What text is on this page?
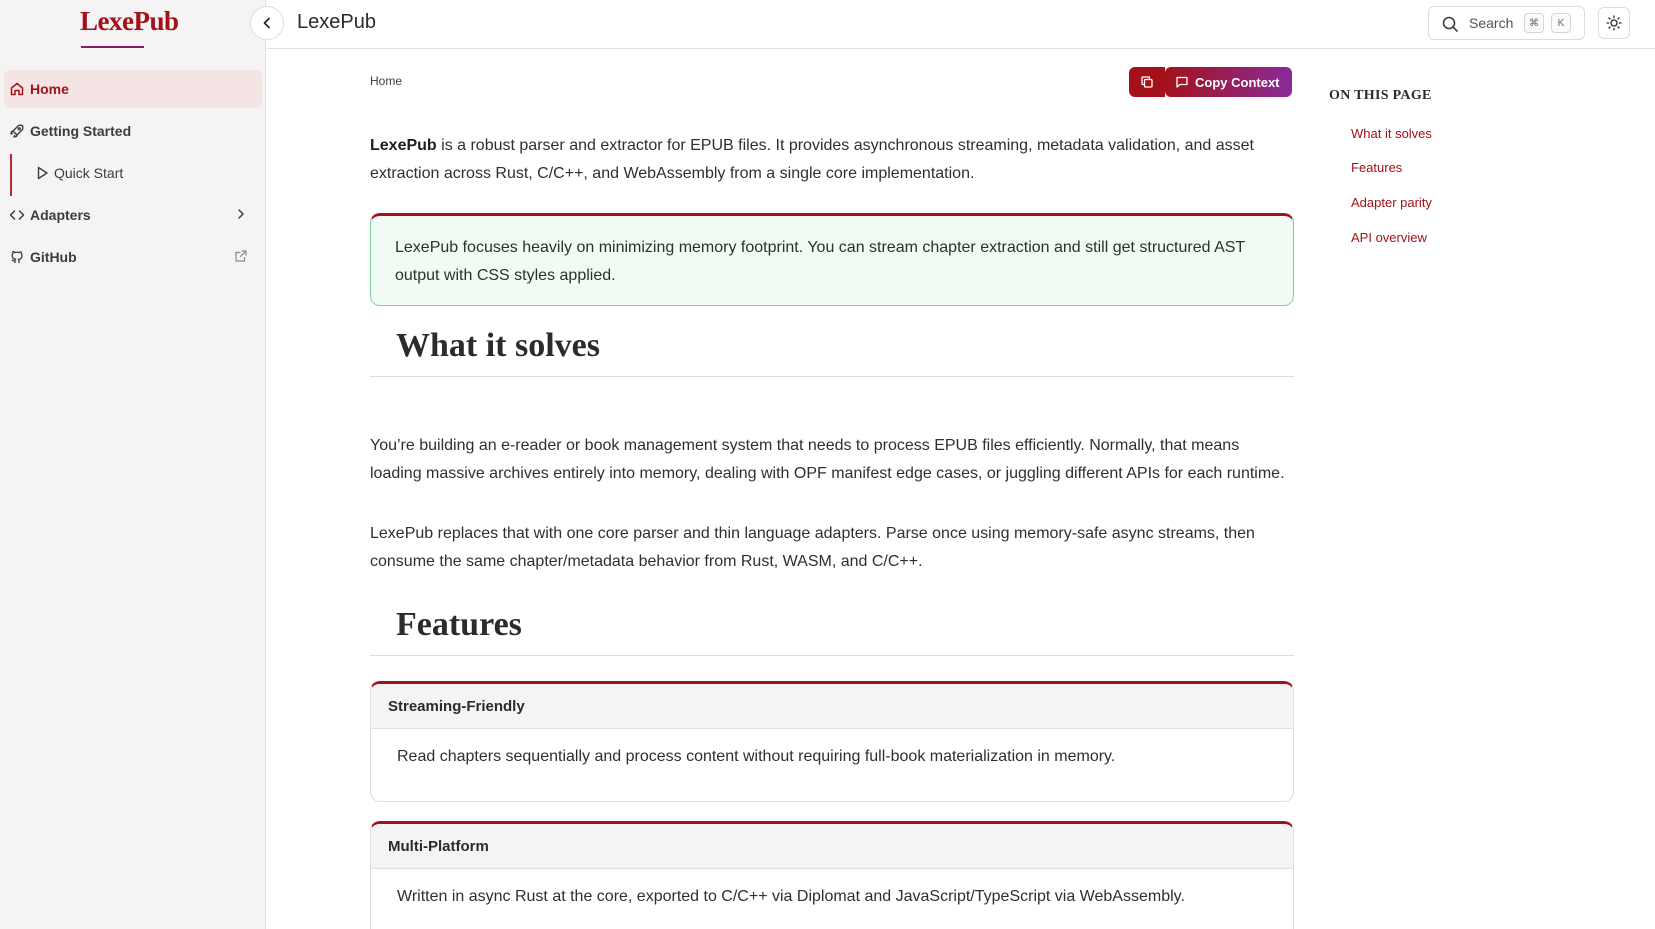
LexePub
Home
Getting Started
Quick Start
Adapters
GitHub
LexePub	Search	⌘	K
Home	Copy Context

LexePub is a robust parser and extractor for EPUB files. It provides asynchronous streaming, metadata validation, and asset extraction across Rust, C/C++, and WebAssembly from a single core implementation.

LexePub focuses heavily on minimizing memory footprint. You can stream chapter extraction and still get structured AST output with CSS styles applied.

What it solves

You’re building an e-reader or book management system that needs to process EPUB files efficiently. Normally, that means loading massive archives entirely into memory, dealing with OPF manifest edge cases, or juggling different APIs for each runtime.

LexePub replaces that with one core parser and thin language adapters. Parse once using memory-safe async streams, then consume the same chapter/metadata behavior from Rust, WASM, and C/C++.

Features
Streaming-Friendly
Read chapters sequentially and process content without requiring full-book materialization in memory.
Multi-Platform
Written in async Rust at the core, exported to C/C++ via Diplomat and JavaScript/TypeScript via WebAssembly.
ON THIS PAGE
What it solves
Features
Adapter parity
API overview
